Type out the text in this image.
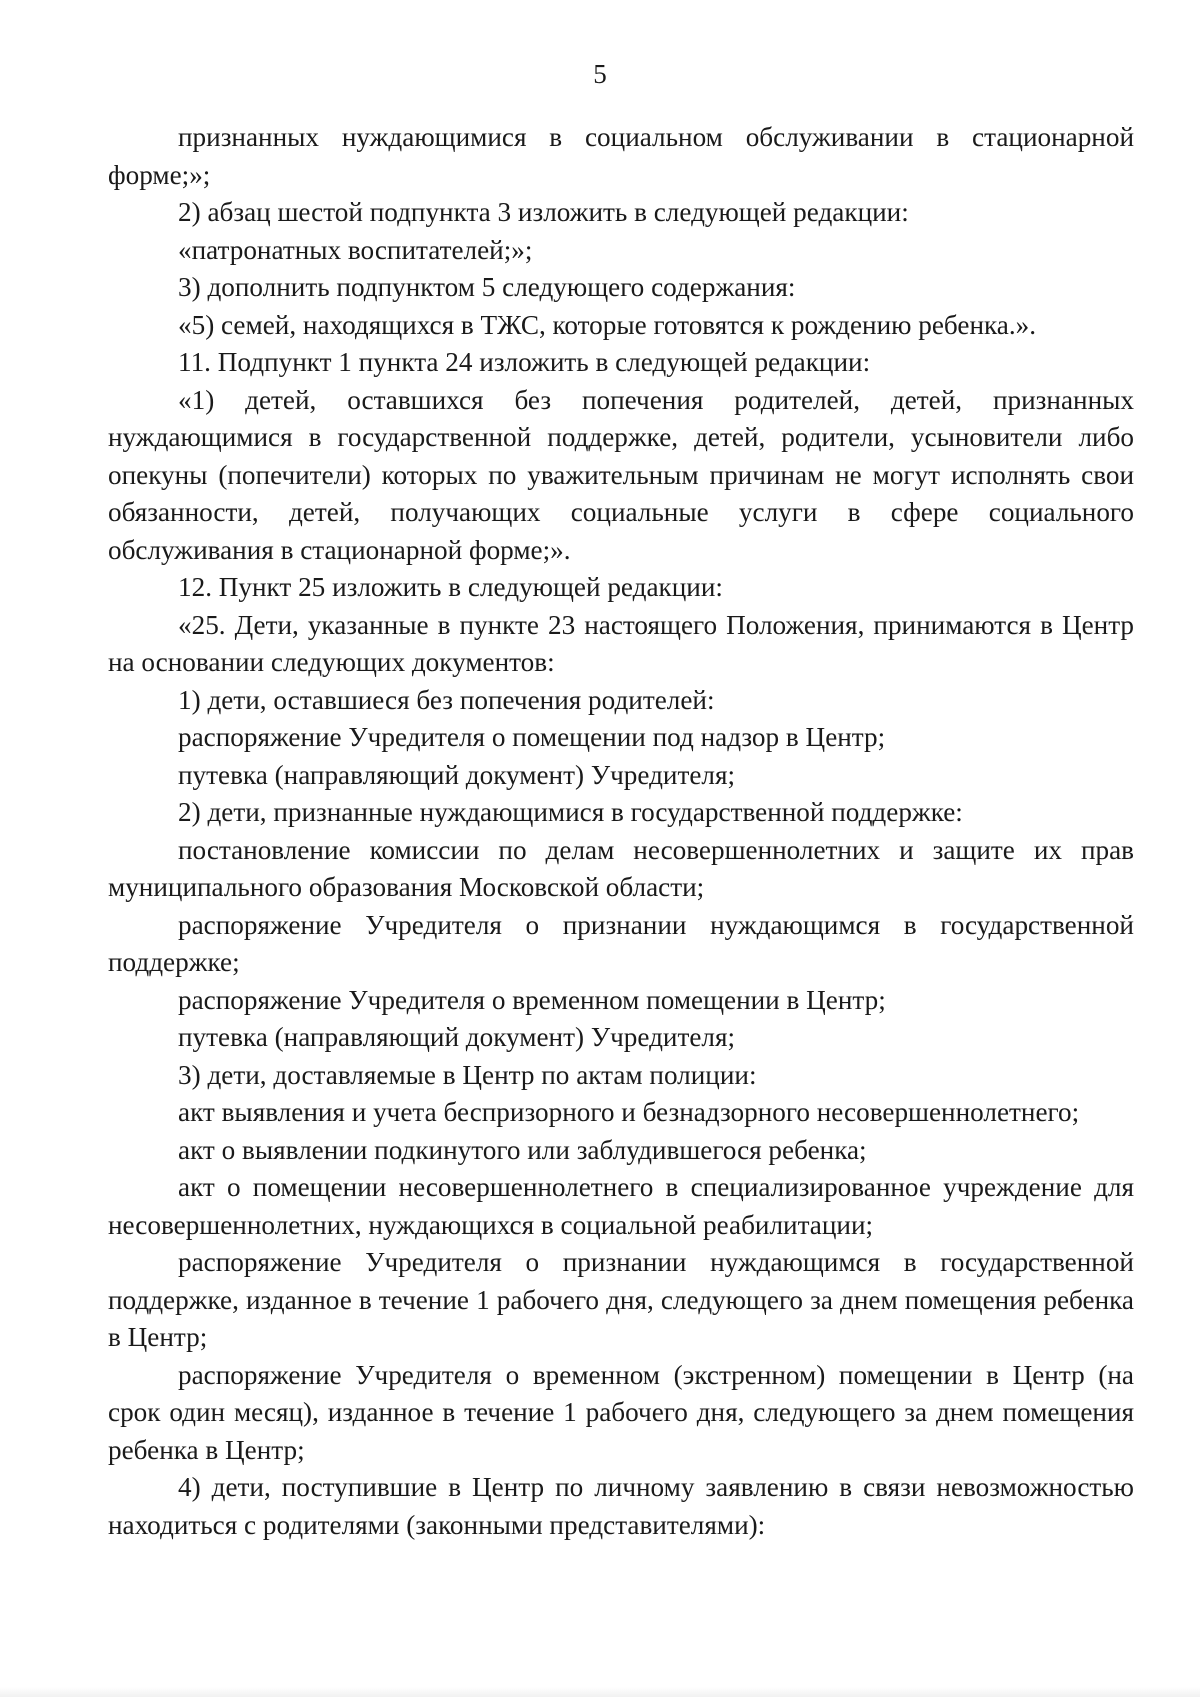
5

признанных нуждающимися в социальном обслуживании в стационарной форме;»;

2) абзац шестой подпункта 3 изложить в следующей редакции:

«патронатных воспитателей;»;

3) дополнить подпунктом 5 следующего содержания:

«5) семей, находящихся в ТЖС, которые готовятся к рождению ребенка.».

11. Подпункт 1 пункта 24 изложить в следующей редакции:

«1) детей, оставшихся без попечения родителей, детей, признанных нуждающимися в государственной поддержке, детей, родители, усыновители либо опекуны (попечители) которых по уважительным причинам не могут исполнять свои обязанности, детей, получающих социальные услуги в сфере социального обслуживания в стационарной форме;».

12. Пункт 25 изложить в следующей редакции:

«25. Дети, указанные в пункте 23 настоящего Положения, принимаются в Центр на основании следующих документов:

1) дети, оставшиеся без попечения родителей:

распоряжение Учредителя о помещении под надзор в Центр;

путевка (направляющий документ) Учредителя;

2) дети, признанные нуждающимися в государственной поддержке:

постановление комиссии по делам несовершеннолетних и защите их прав муниципального образования Московской области;

распоряжение Учредителя о признании нуждающимся в государственной поддержке;

распоряжение Учредителя о временном помещении в Центр;

путевка (направляющий документ) Учредителя;

3) дети, доставляемые в Центр по актам полиции:

акт выявления и учета беспризорного и безнадзорного несовершеннолетнего;

акт о выявлении подкинутого или заблудившегося ребенка;

акт о помещении несовершеннолетнего в специализированное учреждение для несовершеннолетних, нуждающихся в социальной реабилитации;

распоряжение Учредителя о признании нуждающимся в государственной поддержке, изданное в течение 1 рабочего дня, следующего за днем помещения ребенка в Центр;

распоряжение Учредителя о временном (экстренном) помещении в Центр (на срок один месяц), изданное в течение 1 рабочего дня, следующего за днем помещения ребенка в Центр;

4) дети, поступившие в Центр по личному заявлению в связи невозможностью находиться с родителями (законными представителями):
